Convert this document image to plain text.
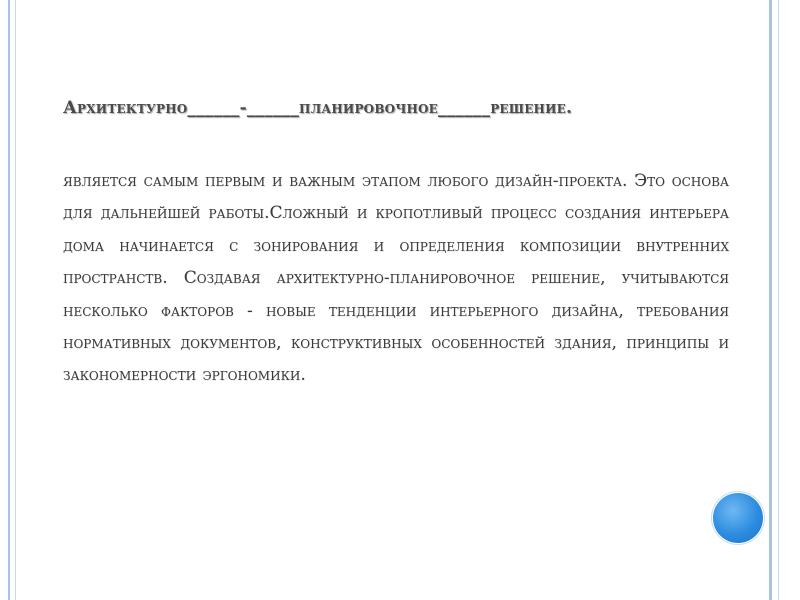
Архитектурно______-______планировочное______решение.
является самым первым и важным этапом любого дизайн-проекта. Это основа для дальнейшей работы.Сложный и кропотливый процесс создания интерьера дома начинается с зонирования и определения композиции внутренних пространств. Создавая архитектурно-планировочное решение, учитываются несколько факторов - новые тенденции интерьерного дизайна, требования нормативных документов, конструктивных особенностей здания, принципы и закономерности эргономики.
